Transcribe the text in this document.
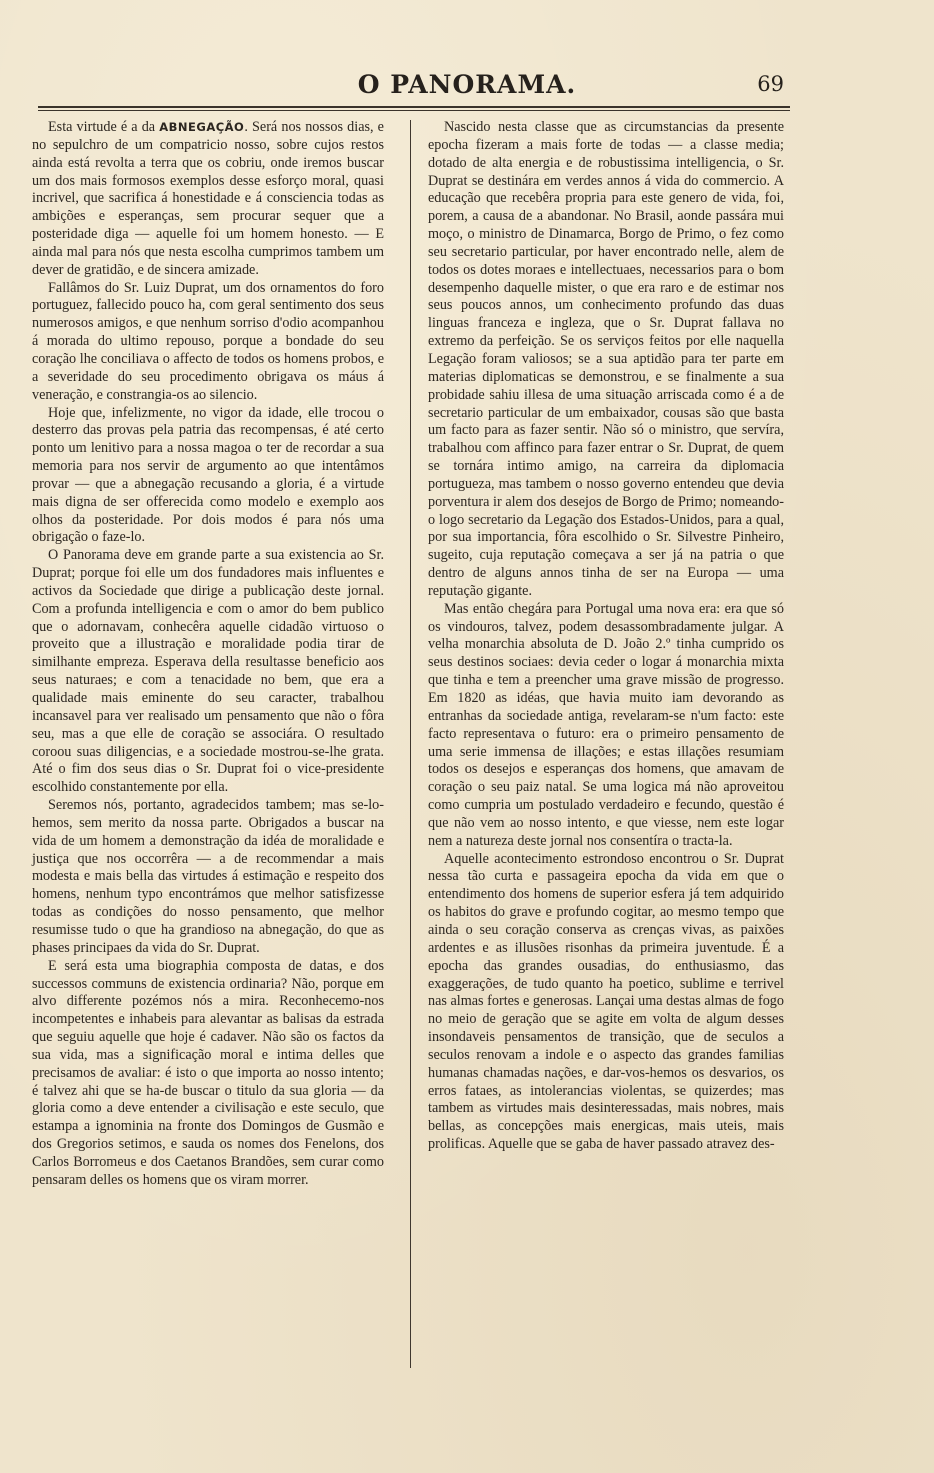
O PANORAMA.	69

Esta virtude é a da ABNEGAÇÃO. Será nos nossos dias, e no sepulchro de um compatricio nosso, sobre cujos restos ainda está revolta a terra que os cobriu, onde iremos buscar um dos mais formosos exemplos desse esforço moral, quasi incrivel, que sacrifica á honestidade e á consciencia todas as ambições e esperanças, sem procurar sequer que a posteridade diga — aquelle foi um homem honesto. — E ainda mal para nós que nesta escolha cumprimos tambem um dever de gratidão, e de sincera amizade.

Fallâmos do Sr. Luiz Duprat, um dos ornamentos do foro portuguez, fallecido pouco ha, com geral sentimento dos seus numerosos amigos, e que nenhum sorriso d'odio acompanhou á morada do ultimo repouso, porque a bondade do seu coração lhe conciliava o affecto de todos os homens probos, e a severidade do seu procedimento obrigava os máus á veneração, e constrangia-os ao silencio.

Hoje que, infelizmente, no vigor da idade, elle trocou o desterro das provas pela patria das recompensas, é até certo ponto um lenitivo para a nossa magoa o ter de recordar a sua memoria para nos servir de argumento ao que intentâmos provar — que a abnegação recusando a gloria, é a virtude mais digna de ser offerecida como modelo e exemplo aos olhos da posteridade. Por dois modos é para nós uma obrigação o faze-lo.

O Panorama deve em grande parte a sua existencia ao Sr. Duprat; porque foi elle um dos fundadores mais influentes e activos da Sociedade que dirige a publicação deste jornal. Com a profunda intelligencia e com o amor do bem publico que o adornavam, conhecêra aquelle cidadão virtuoso o proveito que a illustração e moralidade podia tirar de similhante empreza. Esperava della resultasse beneficio aos seus naturaes; e com a tenacidade no bem, que era a qualidade mais eminente do seu caracter, trabalhou incansavel para ver realisado um pensamento que não o fôra seu, mas a que elle de coração se associára. O resultado coroou suas diligencias, e a sociedade mostrou-se-lhe grata. Até o fim dos seus dias o Sr. Duprat foi o vice-presidente escolhido constantemente por ella.

Seremos nós, portanto, agradecidos tambem; mas se-lo-hemos, sem merito da nossa parte. Obrigados a buscar na vida de um homem a demonstração da idéa de moralidade e justiça que nos occorrêra — a de recommendar a mais modesta e mais bella das virtudes á estimação e respeito dos homens, nenhum typo encontrámos que melhor satisfizesse todas as condições do nosso pensamento, que melhor resumisse tudo o que ha grandioso na abnegação, do que as phases principaes da vida do Sr. Duprat.

E será esta uma biographia composta de datas, e dos successos communs de existencia ordinaria? Não, porque em alvo differente pozémos nós a mira. Reconhecemo-nos incompetentes e inhabeis para alevantar as balisas da estrada que seguiu aquelle que hoje é cadaver. Não são os factos da sua vida, mas a significação moral e intima delles que precisamos de avaliar: é isto o que importa ao nosso intento; é talvez ahi que se ha-de buscar o titulo da sua gloria — da gloria como a deve entender a civilisação e este seculo, que estampa a ignominia na fronte dos Domingos de Gusmão e dos Gregorios setimos, e sauda os nomes dos Fenelons, dos Carlos Borromeus e dos Caetanos Brandões, sem curar como pensaram delles os homens que os viram morrer.

Nascido nesta classe que as circumstancias da presente epocha fizeram a mais forte de todas — a classe media; dotado de alta energia e de robustissima intelligencia, o Sr. Duprat se destinára em verdes annos á vida do commercio. A educação que recebêra propria para este genero de vida, foi, porem, a causa de a abandonar. No Brasil, aonde passára mui moço, o ministro de Dinamarca, Borgo de Primo, o fez como seu secretario particular, por haver encontrado nelle, alem de todos os dotes moraes e intellectuaes, necessarios para o bom desempenho daquelle mister, o que era raro e de estimar nos seus poucos annos, um conhecimento profundo das duas linguas franceza e ingleza, que o Sr. Duprat fallava no extremo da perfeição. Se os serviços feitos por elle naquella Legação foram valiosos; se a sua aptidão para ter parte em materias diplomaticas se demonstrou, e se finalmente a sua probidade sahiu illesa de uma situação arriscada como é a de secretario particular de um embaixador, cousas são que basta um facto para as fazer sentir. Não só o ministro, que servíra, trabalhou com affinco para fazer entrar o Sr. Duprat, de quem se tornára intimo amigo, na carreira da diplomacia portugueza, mas tambem o nosso governo entendeu que devia porventura ir alem dos desejos de Borgo de Primo; nomeando-o logo secretario da Legação dos Estados-Unidos, para a qual, por sua importancia, fôra escolhido o Sr. Silvestre Pinheiro, sugeito, cuja reputação começava a ser já na patria o que dentro de alguns annos tinha de ser na Europa — uma reputação gigante.

Mas então chegára para Portugal uma nova era: era que só os vindouros, talvez, podem desassombradamente julgar. A velha monarchia absoluta de D. João 2.º tinha cumprido os seus destinos sociaes: devia ceder o logar á monarchia mixta que tinha e tem a preencher uma grave missão de progresso. Em 1820 as idéas, que havia muito iam devorando as entranhas da sociedade antiga, revelaram-se n'um facto: este facto representava o futuro: era o primeiro pensamento de uma serie immensa de illações; e estas illações resumiam todos os desejos e esperanças dos homens, que amavam de coração o seu paiz natal. Se uma logica má não aproveitou como cumpria um postulado verdadeiro e fecundo, questão é que não vem ao nosso intento, e que viesse, nem este logar nem a natureza deste jornal nos consentíra o tracta-la.

Aquelle acontecimento estrondoso encontrou o Sr. Duprat nessa tão curta e passageira epocha da vida em que o entendimento dos homens de superior esfera já tem adquirido os habitos do grave e profundo cogitar, ao mesmo tempo que ainda o seu coração conserva as crenças vivas, as paixões ardentes e as illusões risonhas da primeira juventude. É a epocha das grandes ousadias, do enthusiasmo, das exaggerações, de tudo quanto ha poetico, sublime e terrivel nas almas fortes e generosas. Lançai uma destas almas de fogo no meio de geração que se agite em volta de algum desses insondaveis pensamentos de transição, que de seculos a seculos renovam a indole e o aspecto das grandes familias humanas chamadas nações, e dar-vos-hemos os desvarios, os erros fataes, as intolerancias violentas, se quizerdes; mas tambem as virtudes mais desinteressadas, mais nobres, mais bellas, as concepções mais energicas, mais uteis, mais prolificas. Aquelle que se gaba de haver passado atravez des-
